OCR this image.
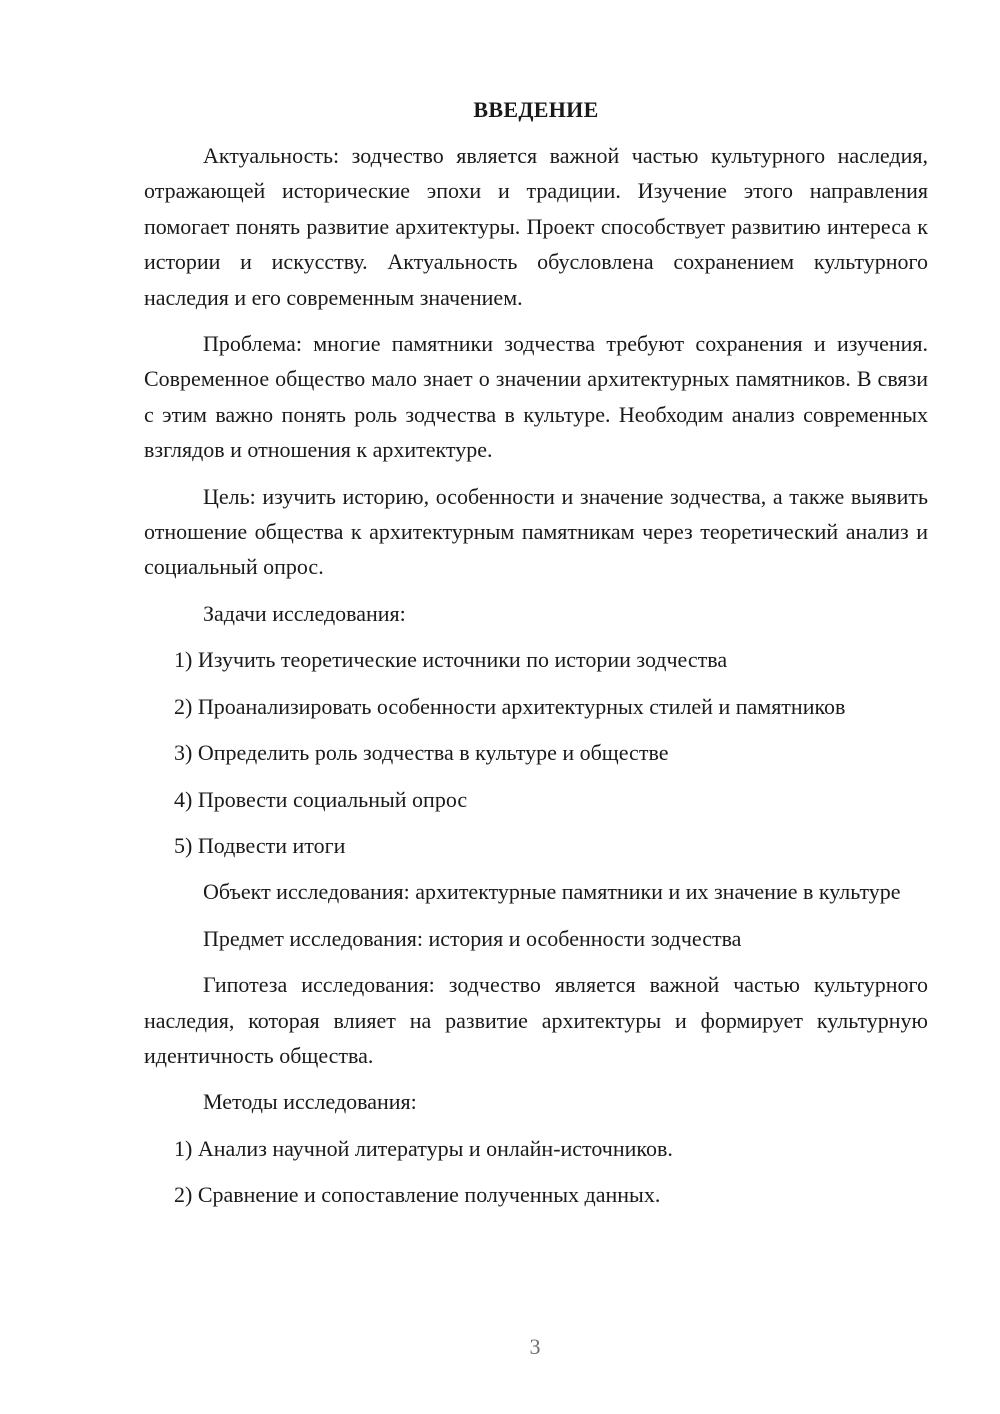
ВВЕДЕНИЕ

Актуальность: зодчество является важной частью культурного наследия, отражающей исторические эпохи и традиции. Изучение этого направления помогает понять развитие архитектуры. Проект способствует развитию интереса к истории и искусству. Актуальность обусловлена сохранением культурного наследия и его современным значением.

Проблема: многие памятники зодчества требуют сохранения и изучения. Современное общество мало знает о значении архитектурных памятников. В связи с этим важно понять роль зодчества в культуре. Необходим анализ современных взглядов и отношения к архитектуре.

Цель: изучить историю, особенности и значение зодчества, а также выявить отношение общества к архитектурным памятникам через теоретический анализ и социальный опрос.

Задачи исследования:

1) Изучить теоретические источники по истории зодчества

2) Проанализировать особенности архитектурных стилей и памятников

3) Определить роль зодчества в культуре и обществе

4) Провести социальный опрос

5) Подвести итоги

Объект исследования: архитектурные памятники и их значение в культуре

Предмет исследования: история и особенности зодчества

Гипотеза исследования: зодчество является важной частью культурного наследия, которая влияет на развитие архитектуры и формирует культурную идентичность общества.

Методы исследования:

1) Анализ научной литературы и онлайн-источников.

2) Сравнение и сопоставление полученных данных.

3
